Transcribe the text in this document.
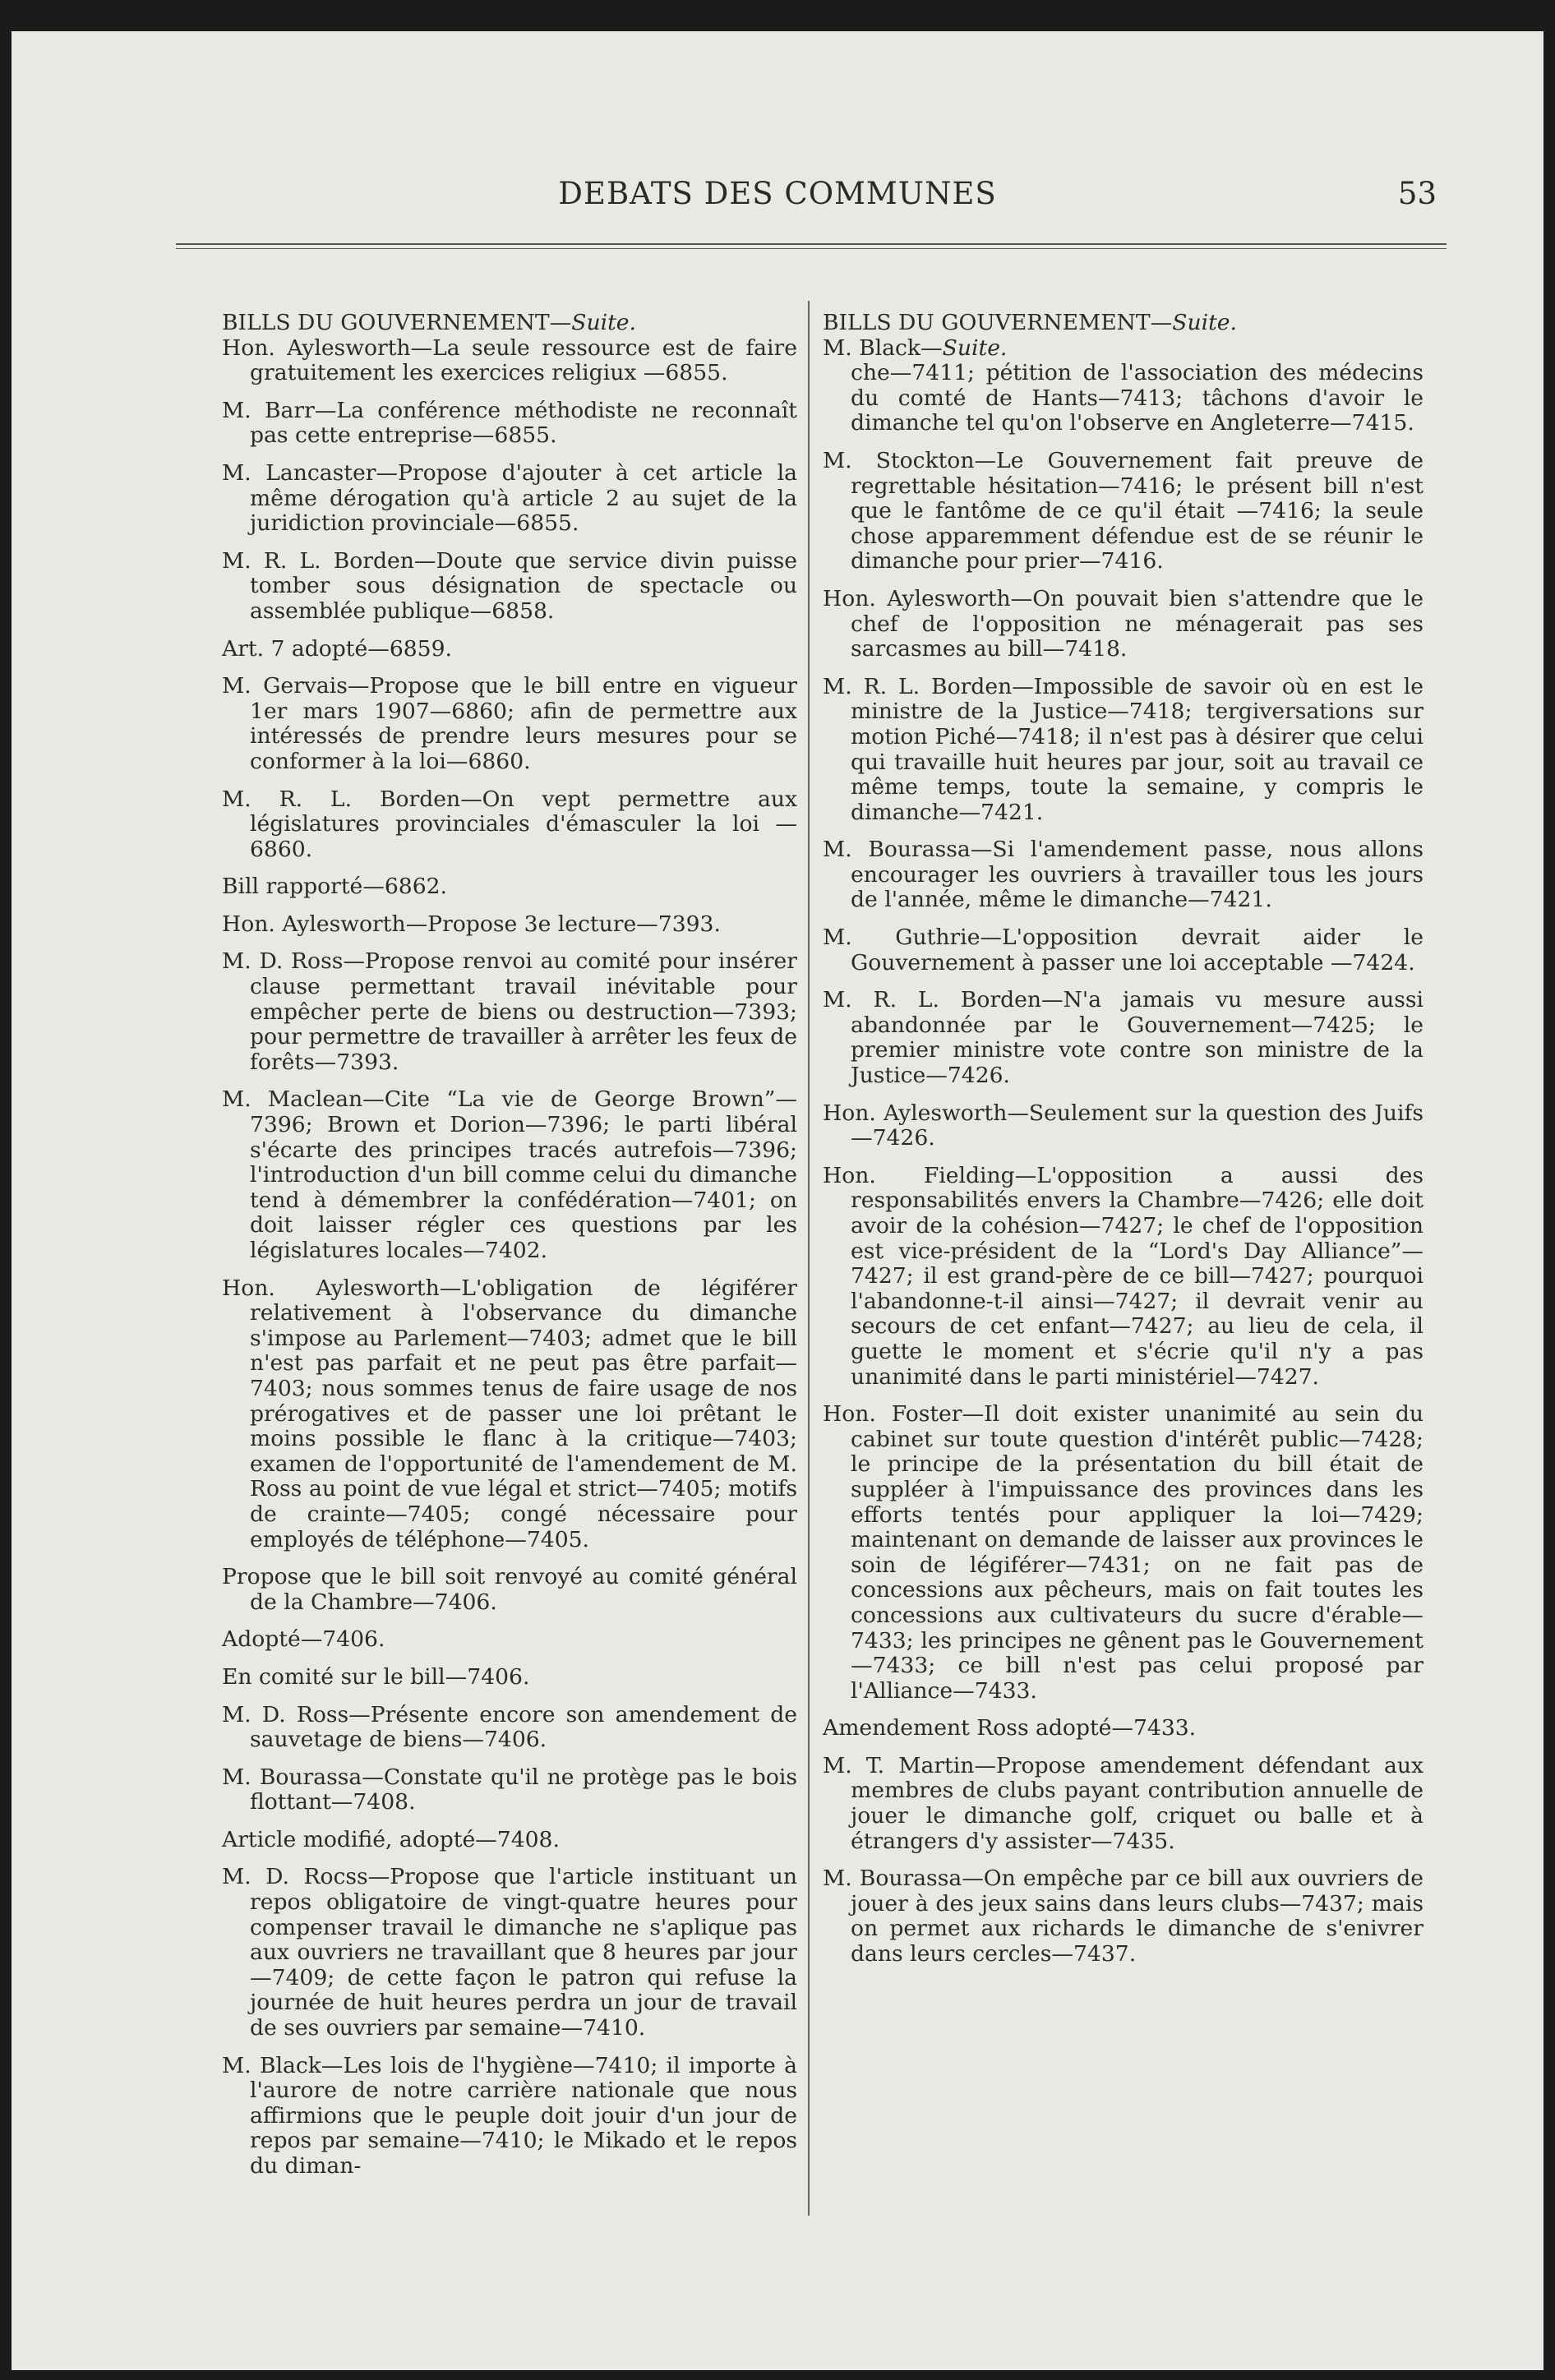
DEBATS DES COMMUNES	53
BILLS DU GOUVERNEMENT—Suite.
Hon. Aylesworth—La seule ressource est de faire gratuitement les exercices religiux —6855.
M. Barr—La conférence méthodiste ne reconnaît pas cette entreprise—6855.
M. Lancaster—Propose d'ajouter à cet article la même dérogation qu'à article 2 au sujet de la juridiction provinciale—6855.
M. R. L. Borden—Doute que service divin puisse tomber sous désignation de spectacle ou assemblée publique—6858.
Art. 7 adopté—6859.
M. Gervais—Propose que le bill entre en vigueur 1er mars 1907—6860; afin de permettre aux intéressés de prendre leurs mesures pour se conformer à la loi—6860.
M. R. L. Borden—On vept permettre aux législatures provinciales d'émasculer la loi —6860.
Bill rapporté—6862.
Hon. Aylesworth—Propose 3e lecture—7393.
M. D. Ross—Propose renvoi au comité pour insérer clause permettant travail inévitable pour empêcher perte de biens ou destruction—7393; pour permettre de travailler à arrêter les feux de forêts—7393.
M. Maclean—Cite “La vie de George Brown”—7396; Brown et Dorion—7396; le parti libéral s'écarte des principes tracés autrefois—7396; l'introduction d'un bill comme celui du dimanche tend à démembrer la confédération—7401; on doit laisser régler ces questions par les législatures locales—7402.
Hon. Aylesworth—L'obligation de légiférer relativement à l'observance du dimanche s'impose au Parlement—7403; admet que le bill n'est pas parfait et ne peut pas être parfait—7403; nous sommes tenus de faire usage de nos prérogatives et de passer une loi prêtant le moins possible le flanc à la critique—7403; examen de l'opportunité de l'amendement de M. Ross au point de vue légal et strict—7405; motifs de crainte—7405; congé nécessaire pour employés de téléphone—7405.
Propose que le bill soit renvoyé au comité général de la Chambre—7406.
Adopté—7406.
En comité sur le bill—7406.
M. D. Ross—Présente encore son amendement de sauvetage de biens—7406.
M. Bourassa—Constate qu'il ne protège pas le bois flottant—7408.
Article modifié, adopté—7408.
M. D. Rocss—Propose que l'article instituant un repos obligatoire de vingt-quatre heures pour compenser travail le dimanche ne s'aplique pas aux ouvriers ne travaillant que 8 heures par jour—7409; de cette façon le patron qui refuse la journée de huit heures perdra un jour de travail de ses ouvriers par semaine—7410.
M. Black—Les lois de l'hygiène—7410; il importe à l'aurore de notre carrière nationale que nous affirmions que le peuple doit jouir d'un jour de repos par semaine—7410; le Mikado et le repos du diman-
BILLS DU GOUVERNEMENT—Suite.
M. Black—Suite.
che—7411; pétition de l'association des médecins du comté de Hants—7413; tâchons d'avoir le dimanche tel qu'on l'observe en Angleterre—7415.
M. Stockton—Le Gouvernement fait preuve de regrettable hésitation—7416; le présent bill n'est que le fantôme de ce qu'il était —7416; la seule chose apparemment défendue est de se réunir le dimanche pour prier—7416.
Hon. Aylesworth—On pouvait bien s'attendre que le chef de l'opposition ne ménagerait pas ses sarcasmes au bill—7418.
M. R. L. Borden—Impossible de savoir où en est le ministre de la Justice—7418; tergiversations sur motion Piché—7418; il n'est pas à désirer que celui qui travaille huit heures par jour, soit au travail ce même temps, toute la semaine, y compris le dimanche—7421.
M. Bourassa—Si l'amendement passe, nous allons encourager les ouvriers à travailler tous les jours de l'année, même le dimanche—7421.
M. Guthrie—L'opposition devrait aider le Gouvernement à passer une loi acceptable —7424.
M. R. L. Borden—N'a jamais vu mesure aussi abandonnée par le Gouvernement—7425; le premier ministre vote contre son ministre de la Justice—7426.
Hon. Aylesworth—Seulement sur la question des Juifs—7426.
Hon. Fielding—L'opposition a aussi des responsabilités envers la Chambre—7426; elle doit avoir de la cohésion—7427; le chef de l'opposition est vice-président de la “Lord's Day Alliance”—7427; il est grand-père de ce bill—7427; pourquoi l'abandonne-t-il ainsi—7427; il devrait venir au secours de cet enfant—7427; au lieu de cela, il guette le moment et s'écrie qu'il n'y a pas unanimité dans le parti ministériel—7427.
Hon. Foster—Il doit exister unanimité au sein du cabinet sur toute question d'intérêt public—7428; le principe de la présentation du bill était de suppléer à l'impuissance des provinces dans les efforts tentés pour appliquer la loi—7429; maintenant on demande de laisser aux provinces le soin de légiférer—7431; on ne fait pas de concessions aux pêcheurs, mais on fait toutes les concessions aux cultivateurs du sucre d'érable—7433; les principes ne gênent pas le Gouvernement —7433; ce bill n'est pas celui proposé par l'Alliance—7433.
Amendement Ross adopté—7433.
M. T. Martin—Propose amendement défendant aux membres de clubs payant contribution annuelle de jouer le dimanche golf, criquet ou balle et à étrangers d'y assister—7435.
M. Bourassa—On empêche par ce bill aux ouvriers de jouer à des jeux sains dans leurs clubs—7437; mais on permet aux richards le dimanche de s'enivrer dans leurs cercles—7437.
